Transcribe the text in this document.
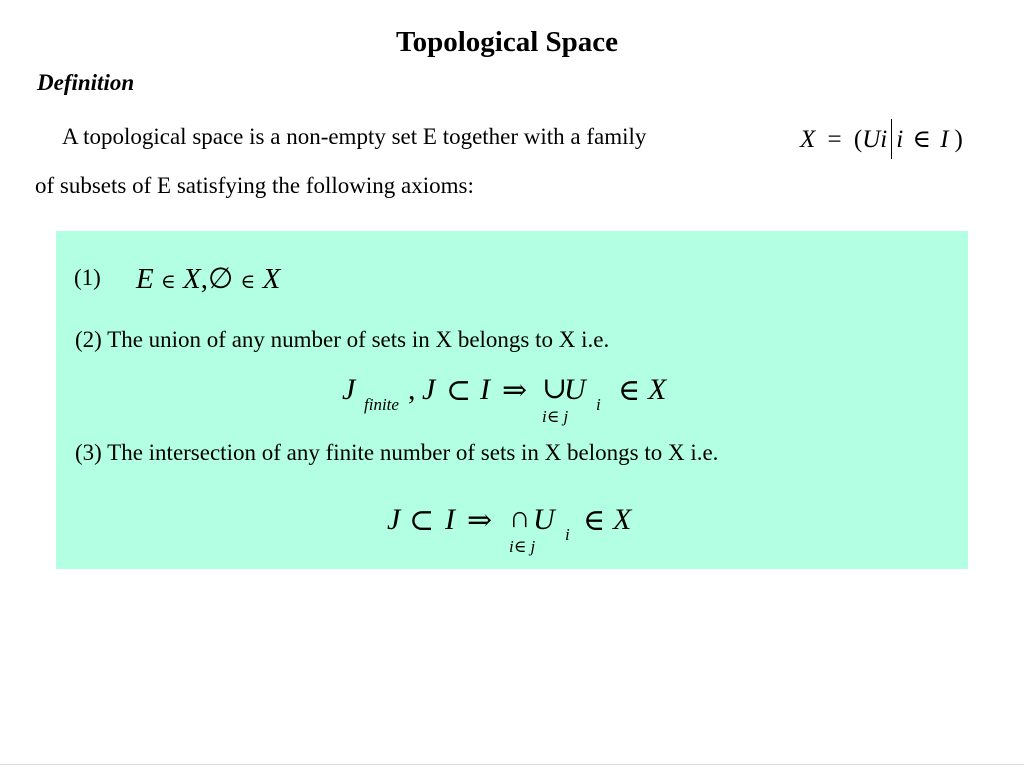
Topological Space
Definition
A topological space is a non-empty set E together with a family	X = (Ui i ∈ I )
of subsets of E satisfying the following axioms:
(1) E ∈ X,∅ ∈ X
(2) The union of any number of sets in X belongs to X i.e.
J finite , J ⊂ I ⇒ ∪
i∈ j
U i ∈ X
(3) The intersection of any finite number of sets in X belongs to X i.e.
J ⊂ I ⇒ ∩
i∈ j
U i ∈ X
